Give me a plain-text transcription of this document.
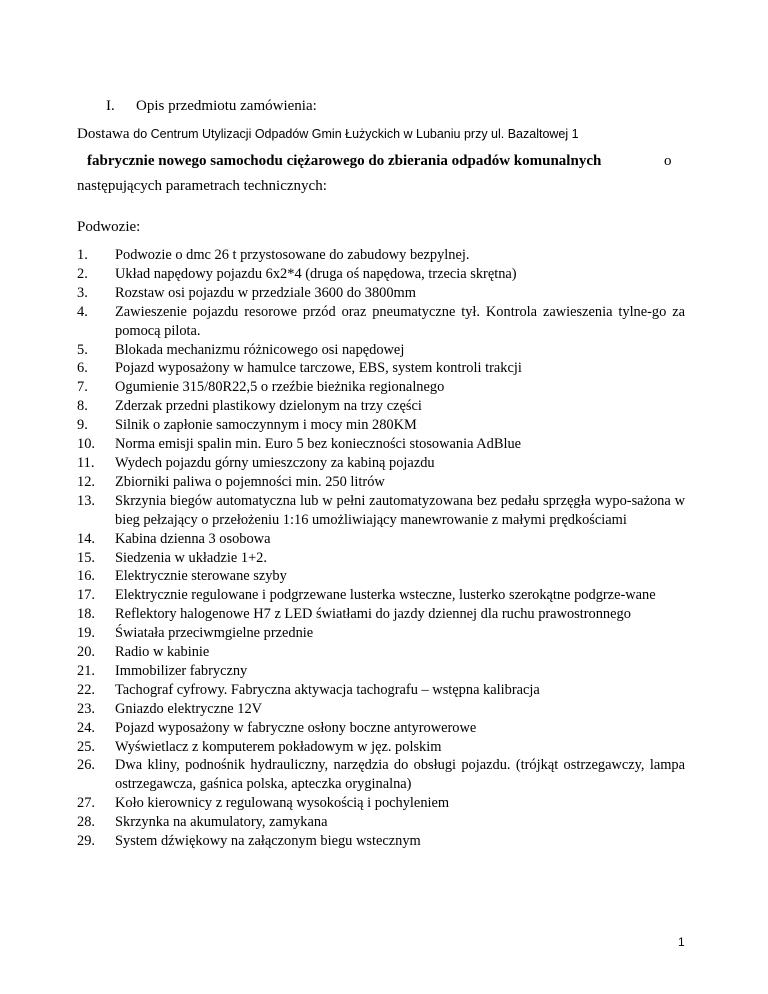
I. Opis przedmiotu zamówienia:
Dostawa do Centrum Utylizacji Odpadów Gmin Łużyckich w Lubaniu przy ul. Bazaltowej 1
fabrycznie nowego samochodu ciężarowego do zbierania odpadów komunalnych	o
następujących parametrach technicznych:
Podwozie:
1. Podwozie o dmc 26 t przystosowane do zabudowy bezpylnej.
2. Układ napędowy pojazdu 6x2*4 (druga oś napędowa, trzecia skrętna)
3. Rozstaw osi pojazdu w przedziale 3600 do 3800mm
4. Zawieszenie pojazdu resorowe przód oraz pneumatyczne tył. Kontrola zawieszenia tylne-go za pomocą pilota.
5. Blokada mechanizmu różnicowego osi napędowej
6. Pojazd wyposażony w hamulce tarczowe, EBS, system kontroli trakcji
7. Ogumienie 315/80R22,5 o rzeźbie bieżnika regionalnego
8. Zderzak przedni plastikowy dzielonym na trzy części
9. Silnik o zapłonie samoczynnym i mocy min 280KM
10. Norma emisji spalin min. Euro 5 bez konieczności stosowania AdBlue
11. Wydech pojazdu górny umieszczony za kabiną pojazdu
12. Zbiorniki paliwa o pojemności min. 250 litrów
13. Skrzynia biegów automatyczna lub w pełni zautomatyzowana bez pedału sprzęgła wypo-sażona w bieg pełzający o przełożeniu 1:16 umożliwiający manewrowanie z małymi prędkościami
14. Kabina dzienna 3 osobowa
15. Siedzenia w układzie 1+2.
16. Elektrycznie sterowane szyby
17. Elektrycznie regulowane i podgrzewane lusterka wsteczne, lusterko szerokątne podgrze-wane
18. Reflektory halogenowe H7 z LED światłami do jazdy dziennej dla ruchu prawostronnego
19. Światała przeciwmgielne przednie
20. Radio w kabinie
21. Immobilizer fabryczny
22. Tachograf cyfrowy. Fabryczna aktywacja tachografu – wstępna kalibracja
23. Gniazdo elektryczne 12V
24. Pojazd wyposażony w fabryczne osłony boczne antyrowerowe
25. Wyświetlacz z komputerem pokładowym w jęz. polskim
26. Dwa kliny, podnośnik hydrauliczny, narzędzia do obsługi pojazdu. (trójkąt ostrzegawczy, lampa ostrzegawcza, gaśnica polska, apteczka oryginalna)
27. Koło kierownicy z regulowaną wysokością i pochyleniem
28. Skrzynka na akumulatory, zamykana
29. System dźwiękowy na załączonym biegu wstecznym
1
